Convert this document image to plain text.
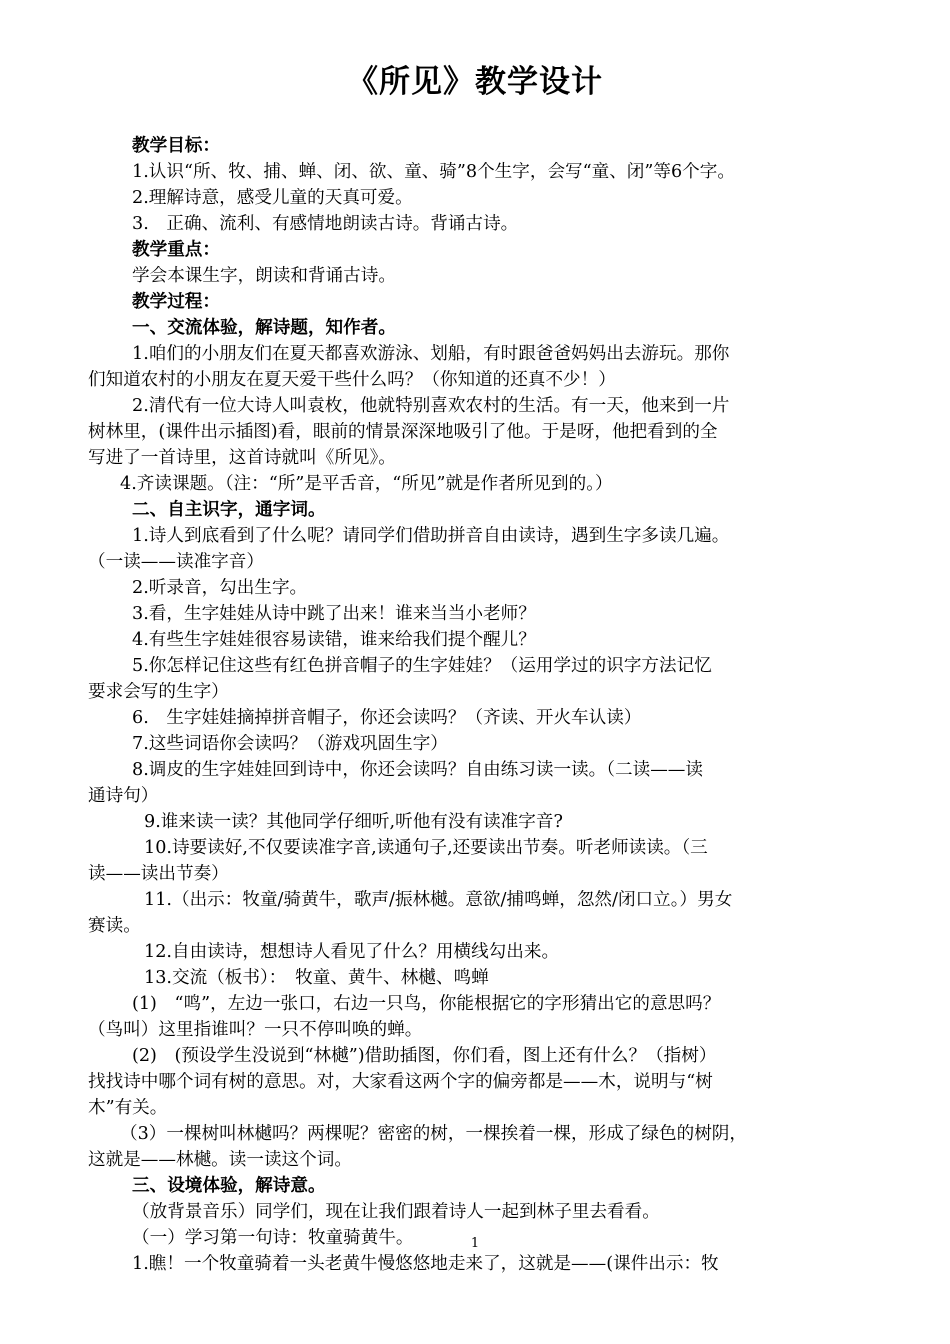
《所见》教学设计
教学目标：
1.认识“所、牧、捕、蝉、闭、欲、童、骑”8个生字，会写“童、闭”等6个字。
2.理解诗意，感受儿童的天真可爱。
3.　正确、流利、有感情地朗读古诗。背诵古诗。
教学重点：
学会本课生字，朗读和背诵古诗。
教学过程：
一、交流体验，解诗题，知作者。
1.咱们的小朋友们在夏天都喜欢游泳、划船，有时跟爸爸妈妈出去游玩。那你
们知道农村的小朋友在夏天爱干些什么吗？（你知道的还真不少！）
2.清代有一位大诗人叫袁枚，他就特别喜欢农村的生活。有一天，他来到一片
树林里，(课件出示插图)看，眼前的情景深深地吸引了他。于是呀，他把看到的全
写进了一首诗里，这首诗就叫《所见》。
4.齐读课题。（注：“所”是平舌音，“所见”就是作者所见到的。）
二、自主识字，通字词。
1.诗人到底看到了什么呢？请同学们借助拼音自由读诗，遇到生字多读几遍。
（一读——读准字音）
2.听录音，勾出生字。
3.看，生字娃娃从诗中跳了出来！谁来当当小老师？
4.有些生字娃娃很容易读错，谁来给我们提个醒儿？
5.你怎样记住这些有红色拼音帽子的生字娃娃？（运用学过的识字方法记忆
要求会写的生字）
6.　生字娃娃摘掉拼音帽子，你还会读吗？（齐读、开火车认读）
7.这些词语你会读吗？（游戏巩固生字）
8.调皮的生字娃娃回到诗中，你还会读吗？自由练习读一读。（二读——读
通诗句）
9.谁来读一读？其他同学仔细听,听他有没有读准字音?
10.诗要读好,不仅要读准字音,读通句子,还要读出节奏。听老师读读。（三
读——读出节奏）
11.（出示：牧童/骑黄牛，歌声/振林樾。意欲/捕鸣蝉，忽然/闭口立。）男女
赛读。
12.自由读诗，想想诗人看见了什么？用横线勾出来。
13.交流（板书）：　牧童、黄牛、林樾、鸣蝉
(1)　“鸣”，左边一张口，右边一只鸟，你能根据它的字形猜出它的意思吗？
（鸟叫）这里指谁叫？一只不停叫唤的蝉。
(2)　(预设学生没说到“林樾”)借助插图，你们看，图上还有什么？（指树）
找找诗中哪个词有树的意思。对，大家看这两个字的偏旁都是——木，说明与“树
木”有关。
（3）一棵树叫林樾吗？两棵呢？密密的树，一棵挨着一棵，形成了绿色的树阴，
这就是——林樾。读一读这个词。
三、设境体验，解诗意。
（放背景音乐）同学们，现在让我们跟着诗人一起到林子里去看看。
（一）学习第一句诗：牧童骑黄牛。
1.瞧！一个牧童骑着一头老黄牛慢悠悠地走来了，这就是——(课件出示：牧
1
